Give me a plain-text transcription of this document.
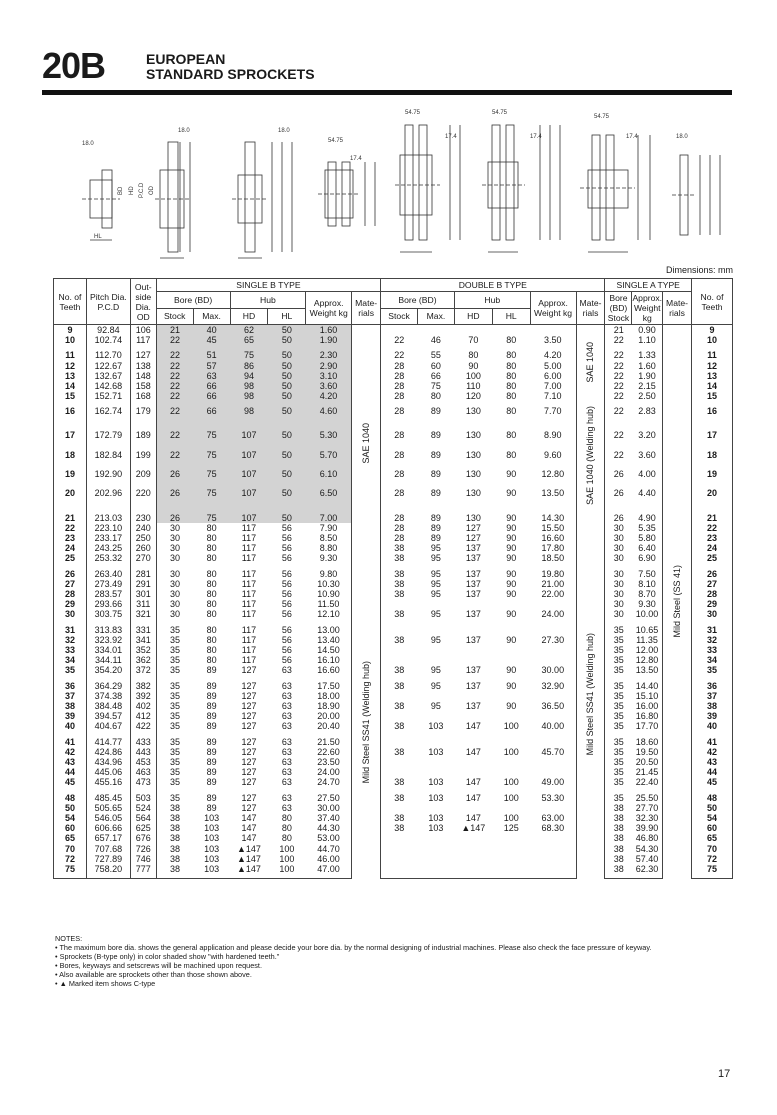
20B	EUROPEAN
STANDARD SPROCKETS
HL
18.0
BD HD P.C.D OD
18.0	18.0
54.75
17.4
54.75
17.4
54.75
17.4
54.75
17.4	18.0
Dimensions: mm
No. of Teeth	Pitch Dia. P.C.D	Out-side Dia. OD	SINGLE B TYPE						DOUBLE B TYPE						SINGLE A TYPE			No. of Teeth
			Bore (BD)		Hub		Approx. Weight kg	Mate-rials	Bore (BD)		Hub		Approx. Weight kg	Mate-rials	Bore (BD) Stock	Approx. Weight kg	Mate-rials	
			Stock	Max.	HD	HL			Stock	Max.	HD	HL						
9	92.84	106	21	40	62	50	1.60	SAE 1040						SAE 1040	21	0.90	Mild Steel (SS 41)	9
10	102.74	117	22	45	65	50	1.90		22	46	70	80	3.50		22	1.10		10
11	112.70	127	22	51	75	50	2.30		22	55	80	80	4.20		22	1.33		11
12	122.67	138	22	57	86	50	2.90		28	60	90	80	5.00		22	1.60		12
13	132.67	148	22	63	94	50	3.10		28	66	100	80	6.00		22	1.90		13
14	142.68	158	22	66	98	50	3.60		28	75	110	80	7.00		22	2.15		14
15	152.71	168	22	66	98	50	4.20		28	80	120	80	7.10		22	2.50		15
16	162.74	179	22	66	98	50	4.60		28	89	130	80	7.70	SAE 1040 (Welding hub)	22	2.83		16
17	172.79	189	22	75	107	50	5.30		28	89	130	80	8.90		22	3.20		17
18	182.84	199	22	75	107	50	5.70		28	89	130	80	9.60		22	3.60		18
19	192.90	209	26	75	107	50	6.10		28	89	130	90	12.80		26	4.00		19
20	202.96	220	26	75	107	50	6.50		28	89	130	90	13.50		26	4.40		20
21	213.03	230	26	75	107	50	7.00		28	89	130	90	14.30	Mild Steel SS41 (Welding hub)	26	4.90		21
22	223.10	240	30	80	117	56	7.90		28	89	127	90	15.50		30	5.35		22
23	233.17	250	30	80	117	56	8.50		28	89	127	90	16.60		30	5.80		23
24	243.25	260	30	80	117	56	8.80		38	95	137	90	17.80		30	6.40		24
25	253.32	270	30	80	117	56	9.30		38	95	137	90	18.50		30	6.90		25
26	263.40	281	30	80	117	56	9.80	Mild Steel SS41 (Welding hub)	38	95	137	90	19.80		30	7.50		26
27	273.49	291	30	80	117	56	10.30		38	95	137	90	21.00		30	8.10		27
28	283.57	301	30	80	117	56	10.90		38	95	137	90	22.00		30	8.70		28
29	293.66	311	30	80	117	56	11.50								30	9.30		29
30	303.75	321	30	80	117	56	12.10		38	95	137	90	24.00		30	10.00		30
31	313.83	331	35	80	117	56	13.00								35	10.65		31
32	323.92	341	35	80	117	56	13.40		38	95	137	90	27.30		35	11.35		32
33	334.01	352	35	80	117	56	14.50								35	12.00		33
34	344.11	362	35	80	117	56	16.10								35	12.80		34
35	354.20	372	35	89	127	63	16.60		38	95	137	90	30.00		35	13.50		35
36	364.29	382	35	89	127	63	17.50		38	95	137	90	32.90		35	14.40		36
37	374.38	392	35	89	127	63	18.00								35	15.10		37
38	384.48	402	35	89	127	63	18.90		38	95	137	90	36.50		35	16.00		38
39	394.57	412	35	89	127	63	20.00								35	16.80		39
40	404.67	422	35	89	127	63	20.40		38	103	147	100	40.00		35	17.70		40
41	414.77	433	35	89	127	63	21.50								35	18.60		41
42	424.86	443	35	89	127	63	22.60		38	103	147	100	45.70		35	19.50		42
43	434.96	453	35	89	127	63	23.50								35	20.50		43
44	445.06	463	35	89	127	63	24.00								35	21.45		44
45	455.16	473	35	89	127	63	24.70		38	103	147	100	49.00		35	22.40		45
48	485.45	503	35	89	127	63	27.50		38	103	147	100	53.30		35	25.50		48
50	505.65	524	38	89	127	63	30.00								38	27.70		50
54	546.05	564	38	103	147	80	37.40		38	103	147	100	63.00		38	32.30		54
60	606.66	625	38	103	147	80	44.30		38	103	▲147	125	68.30		38	39.90		60
65	657.17	676	38	103	147	80	53.00								38	46.80		65
70	707.68	726	38	103	▲147	100	44.70								38	54.30		70
72	727.89	746	38	103	▲147	100	46.00								38	57.40		72
75	758.20	777	38	103	▲147	100	47.00								38	62.30		75
NOTES:
• The maximum bore dia. shows the general application and please decide your bore dia. by the normal designing of industrial machines. Please also check the face pressure of keyway.
• Sprockets (B-type only) in color shaded show "with hardened teeth."
• Bores, keyways and setscrews will be machined upon request.
• Also available are sprockets other than those shown above.
• ▲ Marked item shows C-type
17
